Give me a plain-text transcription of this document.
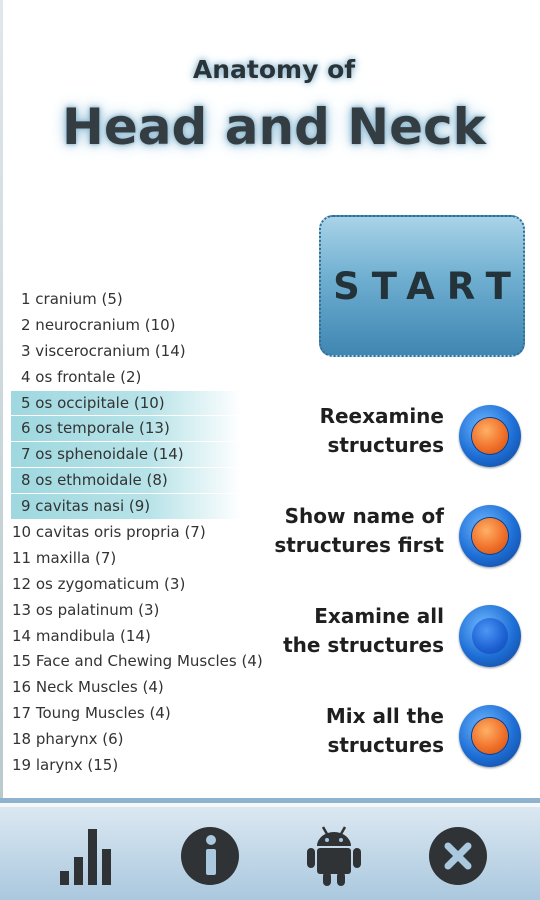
Anatomy of
Head and Neck
START
1 cranium (5)
2 neurocranium (10)
3 viscerocranium (14)
4 os frontale (2)
5 os occipitale (10)
6 os temporale (13)
7 os sphenoidale (14)
8 os ethmoidale (8)
9 cavitas nasi (9)
10 cavitas oris propria (7)
11 maxilla (7)
12 os zygomaticum (3)
13 os palatinum (3)
14 mandibula (14)
15 Face and Chewing Muscles (4)
16 Neck Muscles (4)
17 Toung Muscles (4)
18 pharynx (6)
19 larynx (15)
Reexamine
structures
Show name of
structures first
Examine all
the structures
Mix all the
structures
